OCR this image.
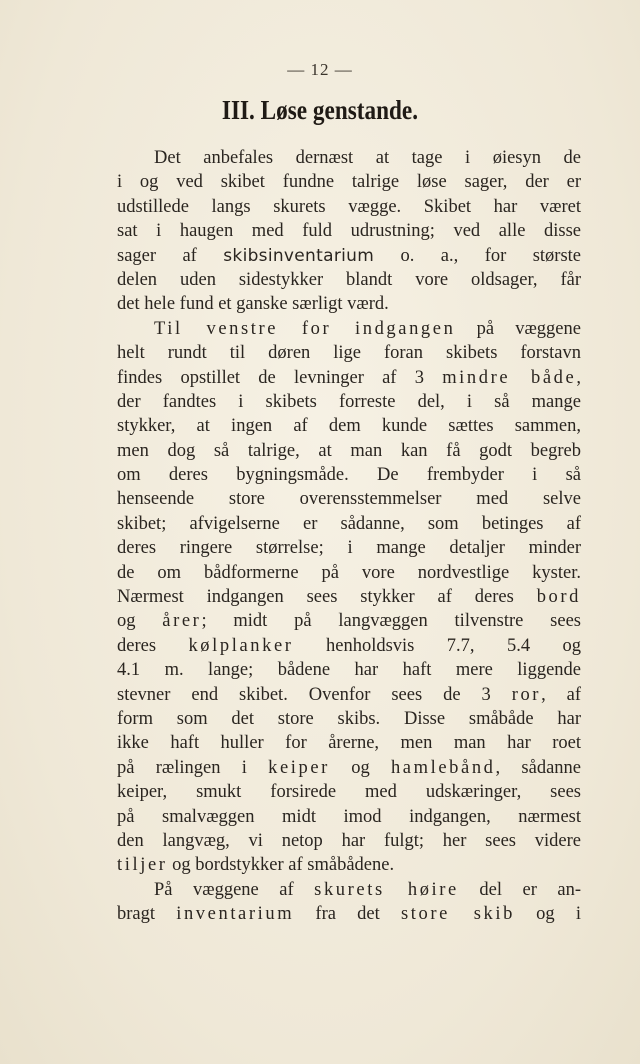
— 12 —
III. Løse genstande.
  Det anbefales dernæst at tage i øiesyn de
i og ved skibet fundne talrige løse sager, der er
udstillede langs skurets vægge. Skibet har været
sat i haugen med fuld udrustning; ved alle disse
sager af skibsinventarium o. a., for største
delen uden sidestykker blandt vore oldsager, får
det hele fund et ganske særligt værd.
  Til venstre for indgangen på væggene
helt rundt til døren lige foran skibets forstavn
findes opstillet de levninger af 3 mindre både,
der fandtes i skibets forreste del, i så mange
stykker, at ingen af dem kunde sættes sammen,
men dog så talrige, at man kan få godt begreb
om deres bygningsmåde. De frembyder i så
henseende store overensstemmelser med selve
skibet; afvigelserne er sådanne, som betinges af
deres ringere størrelse; i mange detaljer minder
de om bådformerne på vore nordvestlige kyster.
Nærmest indgangen sees stykker af deres bord
og årer; midt på langvæggen tilvenstre sees
deres kølplanker henholdsvis 7.7, 5.4 og
4.1 m. lange; bådene har haft mere liggende
stevner end skibet. Ovenfor sees de 3 ror, af
form som det store skibs. Disse småbåde har
ikke haft huller for årerne, men man har roet
på rælingen i keiper og hamlebånd, sådanne
keiper, smukt forsirede med udskæringer, sees
på smalvæggen midt imod indgangen, nærmest
den langvæg, vi netop har fulgt; her sees videre
tiljer og bordstykker af småbådene.
  På væggene af skurets høire del er an-
bragt inventarium fra det store skib og i
